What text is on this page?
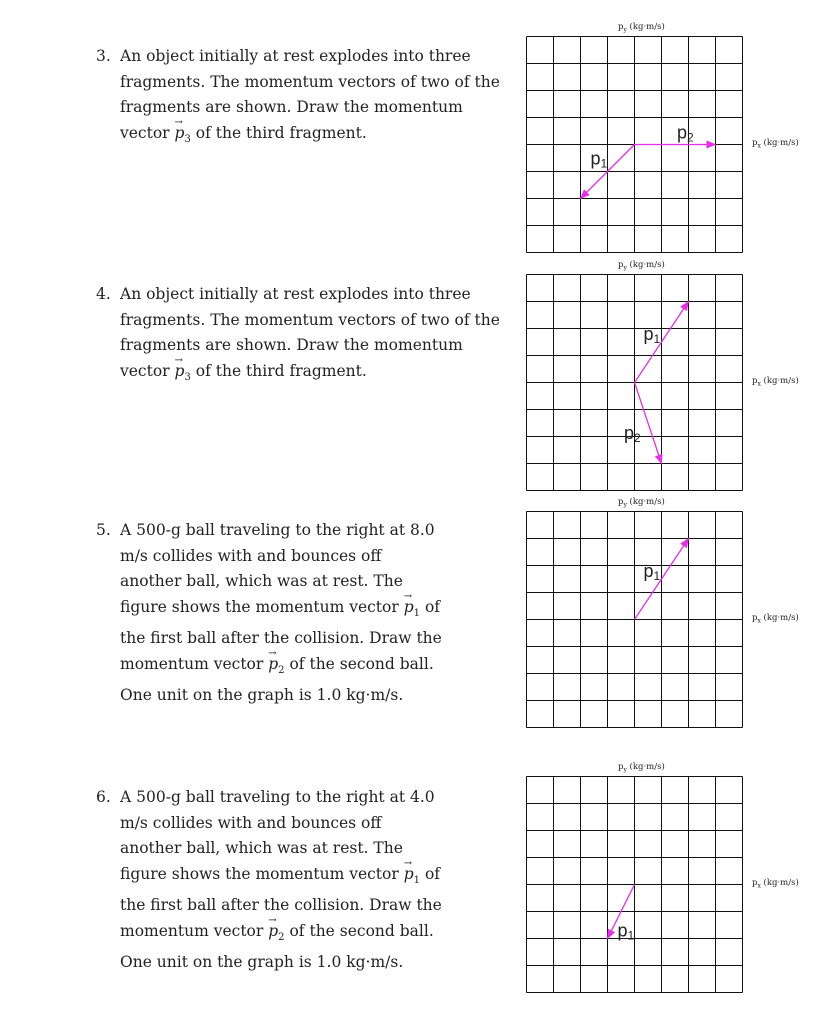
3. An object initially at rest explodes into three fragments. The momentum vectors of two of the fragments are shown. Draw the momentum vector → $p_3$ of the third fragment.
4. An object initially at rest explodes into three fragments. The momentum vectors of two of the fragments are shown. Draw the momentum vector → $p_3$ of the third fragment.
5. A 500-g ball traveling to the right at 8.0 m/s collides with and bounces off another ball, which was at rest. The figure shows the momentum vector → $p_1$ of the first ball after the collision. Draw the momentum vector → $p_2$ of the second ball. One unit on the graph is 1.0 kg·m/s.
6. A 500-g ball traveling to the right at 4.0 m/s collides with and bounces off another ball, which was at rest. The figure shows the momentum vector → $p_1$ of the first ball after the collision. Draw the momentum vector → $p_2$ of the second ball. One unit on the graph is 1.0 kg·m/s.
p1
p2
$p_y$ (kg·m/s)
$p_x$ (kg·m/s)
p1
p2
$p_y$ (kg·m/s)
$p_x$ (kg·m/s)
p1
$p_y$ (kg·m/s)
$p_x$ (kg·m/s)
p1
$p_y$ (kg·m/s)
$p_x$ (kg·m/s)
